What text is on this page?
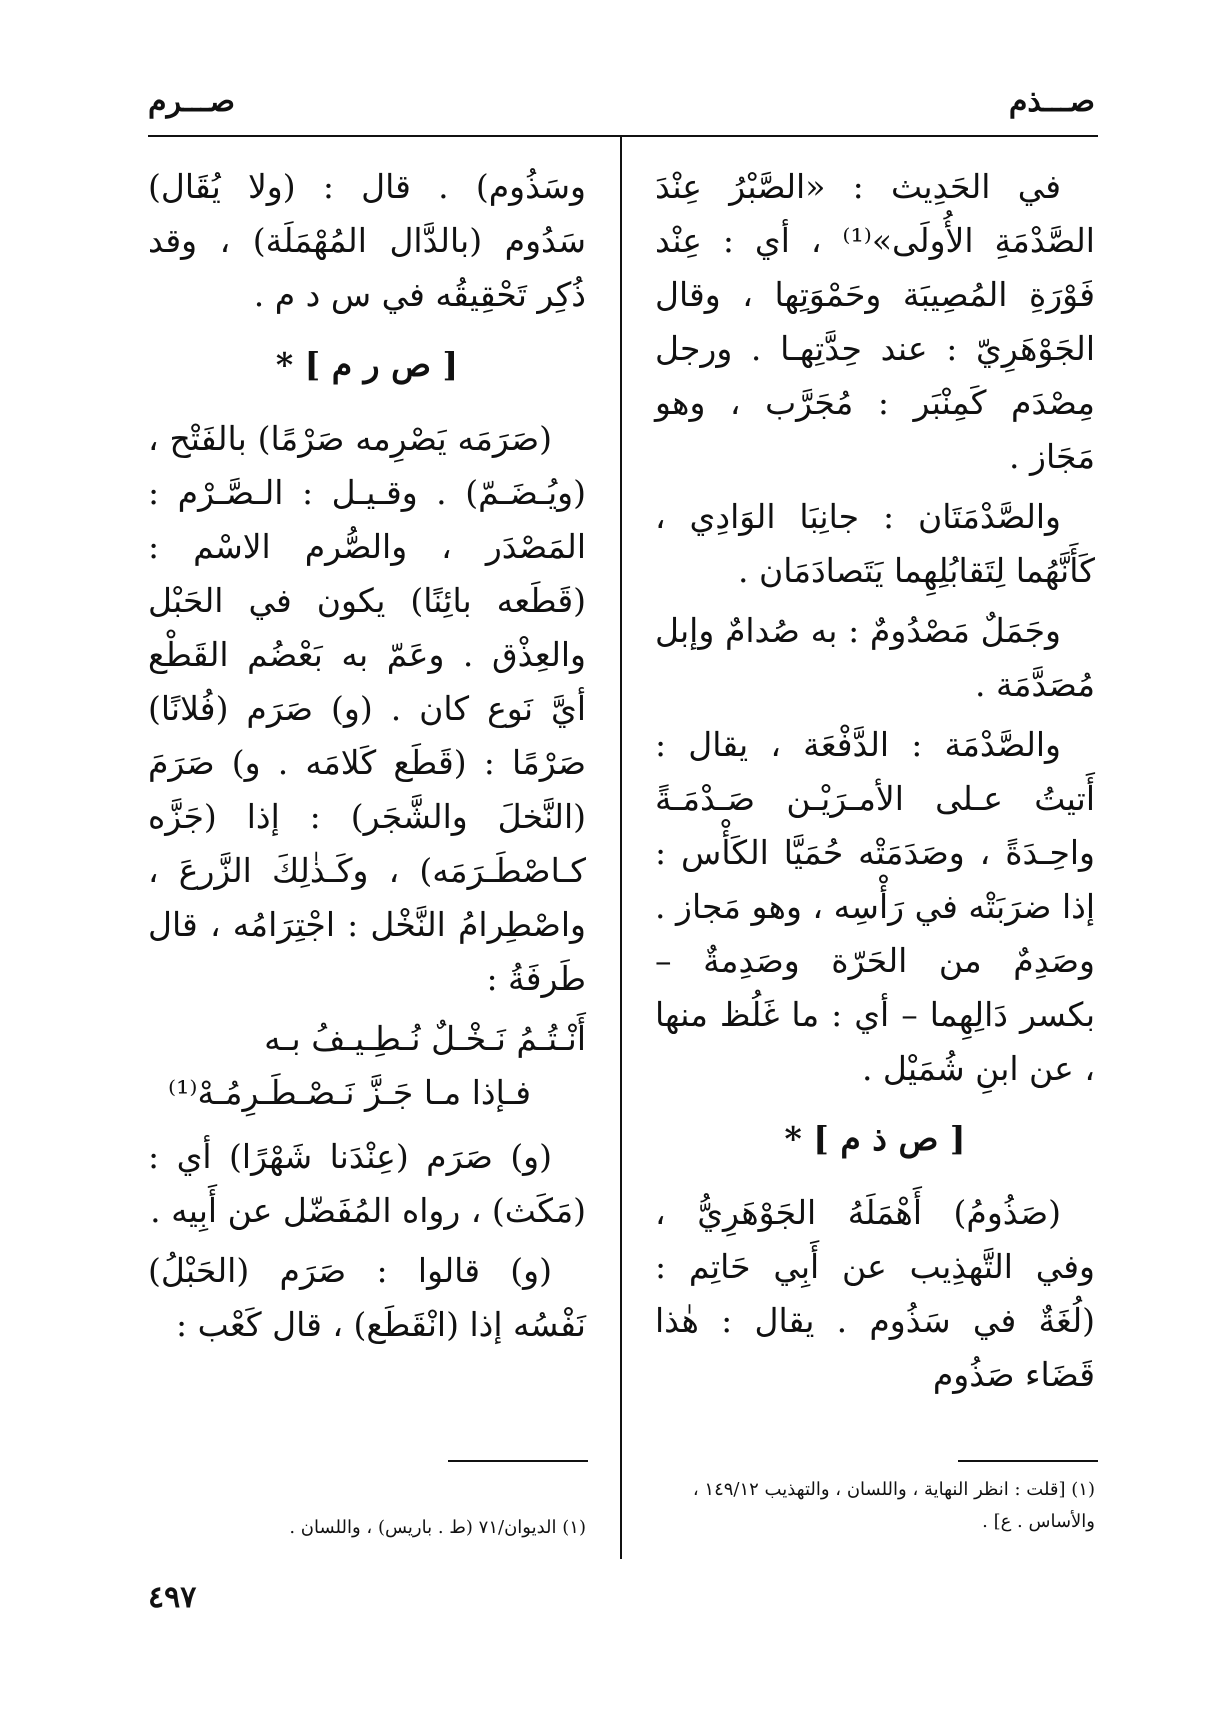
صـــذم
صـــرم

في الحَدِيث : «الصَّبْرُ عِنْدَ الصَّدْمَةِ الأُولَى»⁽¹⁾ ، أي : عِنْد فَوْرَةِ المُصِيبَة وحَمْوَتِها ، وقال الجَوْهَرِيّ : عند حِدَّتِهـا . ورجل مِصْدَم كَمِنْبَر : مُجَرَّب ، وهو مَجَاز .

والصَّدْمَتَان : جانِبَا الوَادِي ، كَأَنَّهُما لِتَقابُلِهِما يَتَصادَمَان .

وجَمَلٌ مَصْدُومٌ : به صُدامٌ وإبل مُصَدَّمَة .

والصَّدْمَة : الدَّفْعَة ، يقال : أَتيتُ عـلى الأمـرَيْـن صَـدْمَـةً واحِـدَةً ، وصَدَمَتْه حُمَيَّا الكَأْس : إذا ضرَبَتْه في رَأْسِه ، وهو مَجاز . وصَدِمٌ من الحَرّة وصَدِمةٌ – بكسر دَالِهِما – أي : ما غَلُظ منها ، عن ابنِ شُمَيْل .

[ ص ذ م ] *

(صَذُومُ) أَهْمَلَهُ الجَوْهَرِيُّ ، وفي التَّهذِيب عن أَبِي حَاتِم : (لُغَةٌ في سَذُوم . يقال : هٰذا قَضَاء صَذُوم

وسَذُوم) . قال : (ولا يُقَال) سَدُوم (بالدَّال المُهْمَلَة) ، وقد ذُكِر تَحْقِيقُه في س د م .

[ ص ر م ] *

(صَرَمَه يَصْرِمه صَرْمًا) بالفَتْح ، (ويُـضَـمّ) . وقـيـل : الـصَّـرْم : المَصْدَر ، والصُّرم الاسْم : (قَطَعه بائِنًا) يكون في الحَبْل والعِذْق . وعَمّ به بَعْضُم القَطْع أيَّ نَوع كان . (و) صَرَم (فُلانًا) صَرْمًا : (قَطَع كَلامَه . و) صَرَمَ (النَّخلَ والشَّجَر) : إذا (جَزَّه كـاصْطَـرَمَه) ، وكَـذٰلِكَ الزَّرعَ ، واصْطِرامُ النَّخْل : اجْتِرَامُه ، قال طَرفَةُ :

أَنْـتُـمُ نَـخْـلٌ نُـطِـيـفُ بـه

فـإذا مـا جَـزَّ نَـصْـطَـرِمُـهْ⁽¹⁾

(و) صَرَم (عِنْدَنا شَهْرًا) أي : (مَكَث) ، رواه المُفَضّل عن أَبِيه .

(و) قالوا : صَرَم (الحَبْلُ) نَفْسُه إذا (انْقَطَع) ، قال كَعْب :

(١) [قلت : انظر النهاية ، واللسان ، والتهذيب ١٤٩/١٢ ، والأساس . ع] .
(١) الديوان/٧١ (ط . باريس) ، واللسان .
٤٩٧
